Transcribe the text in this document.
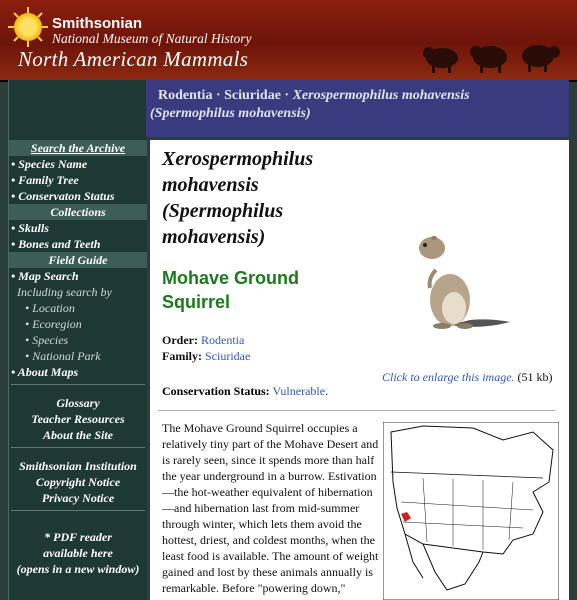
Smithsonian
National Museum of Natural History
North American Mammals
Search the Archive
• Species Name
• Family Tree
• Conservaton Status
Collections
• Skulls
• Bones and Teeth
Field Guide
• Map Search
Including search by
• Location
• Ecoregion
• Species
• National Park
• About Maps
Glossary
Teacher Resources
About the Site
Smithsonian Institution
Copyright Notice
Privacy Notice
* PDF reader
available here
(opens in a new window)
Rodentia · Sciuridae · Xerospermophilus mohavensis
(Spermophilus mohavensis)
Xerospermophilus mohavensis (Spermophilus mohavensis)
Mohave Ground Squirrel
Order: Rodentia
Family: Sciuridae
Conservation Status: Vulnerable.
Click to enlarge this image. (51 kb)
The Mohave Ground Squirrel occupies a relatively tiny part of the Mohave Desert and is rarely seen, since it spends more than half the year underground in a burrow. Estivation—the hot-weather equivalent of hibernation—and hibernation last from mid-summer through winter, which lets them avoid the hottest, driest, and coldest months, when the least food is available. The amount of weight gained and lost by these animals annually is remarkable. Before "powering down,"
